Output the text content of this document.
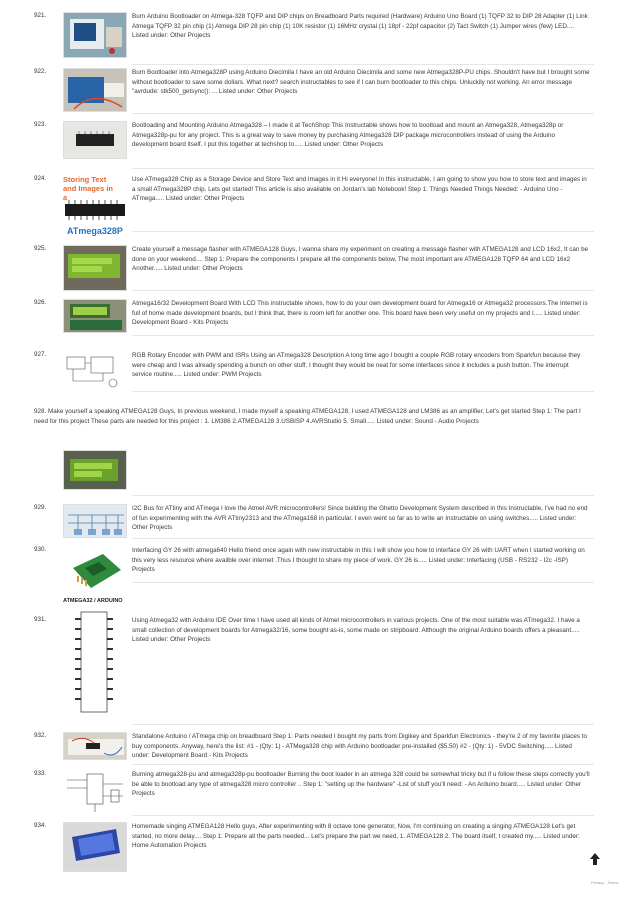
921.	Burn Arduino Bootloader on Atmega-328 TQFP and DIP chips on Breadboard Parts required (Hardware) Arduino Uno Board (1) TQFP 32 to DIP 28 Adapter (1) Link Atmega TQFP 32 pin chip (1) Atmega DIP 28 pin chip (1) 10K resistor (1) 16MHz crystal (1) 18pf - 22pf capacitor (2) Tact Switch (1) Jumper wires (few) LED.... Listed under: Other Projects
922.	Burn Bootloader into Atmega328P using Arduino Diecimila I have an old Arduino Diecimila and some new Atmega328P-PU chips. Shouldn't have but I brought some without bootloader to save some dollars. What next? search instructables to see if I can burn bootloader to this chips. Unluckily not working. An error message "avrdude: stk500_getsync(): ... Listed under: Other Projects
923.	Bootloading and Mounting Arduino Atmega328 – I made it at TechShop This Instructable shows how to bootload and mount an Atmega328, Atmega328p or Atmega328p-pu for any project. This is a great way to save money by purchasing Atmega328 DIP package microcontrollers instead of using the Arduino development board itself. I put this together at techshop to..... Listed under: Other Projects
924. Storing Text and Images in a
ATmega328P
Use ATmega328 Chip as a Storage Device and Store Text and Images in it Hi everyone! In this instructable, I am going to show you how to store text and images in a small ATmega328P chip. Lets get started! This article is also available on Jordan's lab Notebook! Step 1: Things Needed Things Needed: - Arduino Uno - ATmega..... Listed under: Other Projects
925.	Create yourself a message flasher with ATMEGA128 Guys, I wanna share my experiment on creating a message flasher with ATMEGA128 and LCD 16x2, It can be done on your weekend.... Step 1: Prepare the components I prepare all the components below, The most important are ATMEGA128 TQFP 64 and LCD 16x2 Another..... Listed under: Other Projects
926.	Atmega16/32 Development Board With LCD This instructable shows, how to do your own development board for Atmega16 or Atmega32 processors.The Internet is full of home made development boards, but I think that, there is room left for another one. This board have been very useful on my projects and I..... Listed under: Development Board - Kits Projects
927.	RGB Rotary Encoder with PWM and ISRs Using an ATmega328 Description A long time ago I bought a couple RGB rotary encoders from Sparkfun because they were cheap and I was already spending a bunch on other stuff. I thought they would be neat for some interfaces since it includes a push button. The interrupt service routine..... Listed under: PWM Projects
928. Make yourself a speaking ATMEGA128 Guys, In previous weekend, I made myself a speaking ATMEGA128. I used ATMEGA128 and LM386 as an amplifier, Let's get started Step 1: The part I need for this project These parts are needed for this project : 1. LM386 2.ATMEGA128 3.USBISP 4.AVRStudio 5. Small..... Listed under: Sound - Audio Projects
929.	I2C Bus for ATtiny and ATmega I love the Atmel AVR microcontrollers! Since building the Ghetto Development System described in this Instructable, I've had no end of fun experimenting with the AVR ATtiny2313 and the ATmega168 in particular. I even went so far as to write an Instructable on using switches..... Listed under: Other Projects
930.	Interfacing GY 26 with atmega640 Hello friend once again with new instructable in this I will show you how to interface GY 26 with UART when I started working on this very less resource where availble over internet .Thus I thought to share my piece of work. GY 26 is..... Listed under: Interfacing (USB - RS232 - I2c -ISP) Projects
931.
ATMEGA32 / ARDUINO
Using Atmega32 with Arduino IDE Over time I have used all kinds of Atmel microcontrollers in various projects. One of the most suitable was ATmega32. I have a small collection of development boards for Atmega32/16, some bought as-is, some made on stripboard. Although the original Arduino boards offers a pleasant..... Listed under: Other Projects
932.	Standalone Arduino / ATmega chip on breadboard Step 1: Parts needed I bought my parts from Digikey and Sparkfun Electronics - they're 2 of my favorite places to buy components. Anyway, here's the list: #1 - (Qty: 1) - ATMega328 chip with Arduino bootloader pre-installed ($5.50) #2 - (Qty: 1) - 5VDC Switching..... Listed under: Development Board - Kits Projects
933.	Burning atmega328-pu and atmega328p-pu bootloader Burning the boot loader in an atmega 328 could be somewhat tricky but if u follow these steps correctly you'll be able to bootload any type of atmega328 micro controller .. Step 1: "setting up the hardware" -List of stuff you'll need: - An Arduino board..... Listed under: Other Projects
934.	Homemade singing ATMEGA128 Hello guys, After experimenting with 8 octave tone generator, Now, I'm continuing on creating a singing ATMEGA128 Let's get started, no more delay.... Step 1: Prepare all the parts needed... Let's prepare the part we need, 1. ATMEGA128 2. The board itself, I created my..... Listed under: Home Automation Projects
Privacy - Terms
